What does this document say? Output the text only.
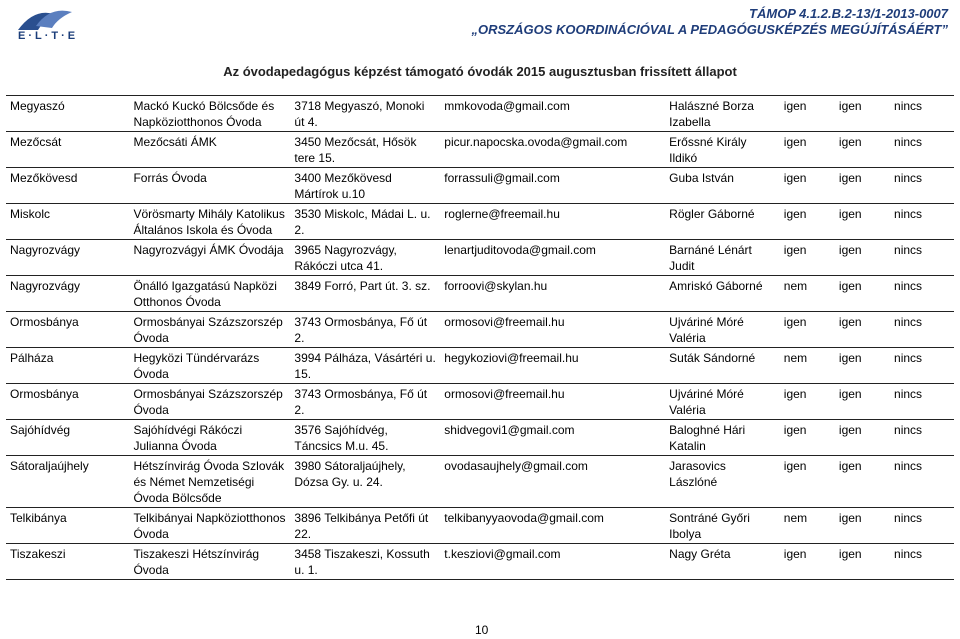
E·L·T·E
TÁMOP 4.1.2.B.2-13/1-2013-0007
„ORSZÁGOS KOORDINÁCIÓVAL A PEDAGÓGUSKÉPZÉS MEGÚJÍTÁSÁÉRT”
Az óvodapedagógus képzést támogató óvodák 2015 augusztusban frissített állapot
Megyaszó	Mackó Kuckó Bölcsőde és Napköziotthonos Óvoda	3718 Megyaszó, Monoki út 4.	mmkovoda@gmail.com	Halászné Borza Izabella	igen	igen	nincs
Mezőcsát	Mezőcsáti ÁMK	3450 Mezőcsát, Hősök tere 15.	picur.napocska.ovoda@gmail.com	Erőssné Király Ildikó	igen	igen	nincs
Mezőkövesd	Forrás Óvoda	3400 Mezőkövesd Mártírok u.10	forrassuli@gmail.com	Guba István	igen	igen	nincs
Miskolc	Vörösmarty Mihály Katolikus Általános Iskola és Óvoda	3530 Miskolc, Mádai L. u. 2.	roglerne@freemail.hu	Rögler Gáborné	igen	igen	nincs
Nagyrozvágy	Nagyrozvágyi ÁMK Óvodája	3965 Nagyrozvágy, Rákóczi utca 41.	lenartjuditovoda@gmail.com	Barnáné Lénárt Judit	igen	igen	nincs
Nagyrozvágy	Önálló Igazgatású Napközi Otthonos Óvoda	3849 Forró, Part út. 3. sz.	forroovi@skylan.hu	Amriskó Gáborné	nem	igen	nincs
Ormosbánya	Ormosbányai Százszorszép Óvoda	3743 Ormosbánya, Fő út 2.	ormosovi@freemail.hu	Ujváriné Móré Valéria	igen	igen	nincs
Pálháza	Hegyközi Tündérvarázs Óvoda	3994 Pálháza, Vásártéri u. 15.	hegykoziovi@freemail.hu	Suták Sándorné	nem	igen	nincs
Ormosbánya	Ormosbányai Százszorszép Óvoda	3743 Ormosbánya, Fő út 2.	ormosovi@freemail.hu	Ujváriné Móré Valéria	igen	igen	nincs
Sajóhídvég	Sajóhídvégi Rákóczi Julianna Óvoda	3576 Sajóhídvég, Táncsics M.u. 45.	shidvegovi1@gmail.com	Baloghné Hári Katalin	igen	igen	nincs
Sátoraljaújhely	Hétszínvirág Óvoda Szlovák és Német Nemzetiségi Óvoda Bölcsőde	3980 Sátoraljaújhely, Dózsa Gy. u. 24.	ovodasaujhely@gmail.com	Jarasovics Lászlóné	igen	igen	nincs
Telkibánya	Telkibányai Napköziotthonos Óvoda	3896 Telkibánya Petőfi út 22.	telkibanyyaovoda@gmail.com	Sontráné Győri Ibolya	nem	igen	nincs
Tiszakeszi	Tiszakeszi Hétszínvirág Óvoda	3458 Tiszakeszi, Kossuth u. 1.	t.kesziovi@gmail.com	Nagy Gréta	igen	igen	nincs
10
